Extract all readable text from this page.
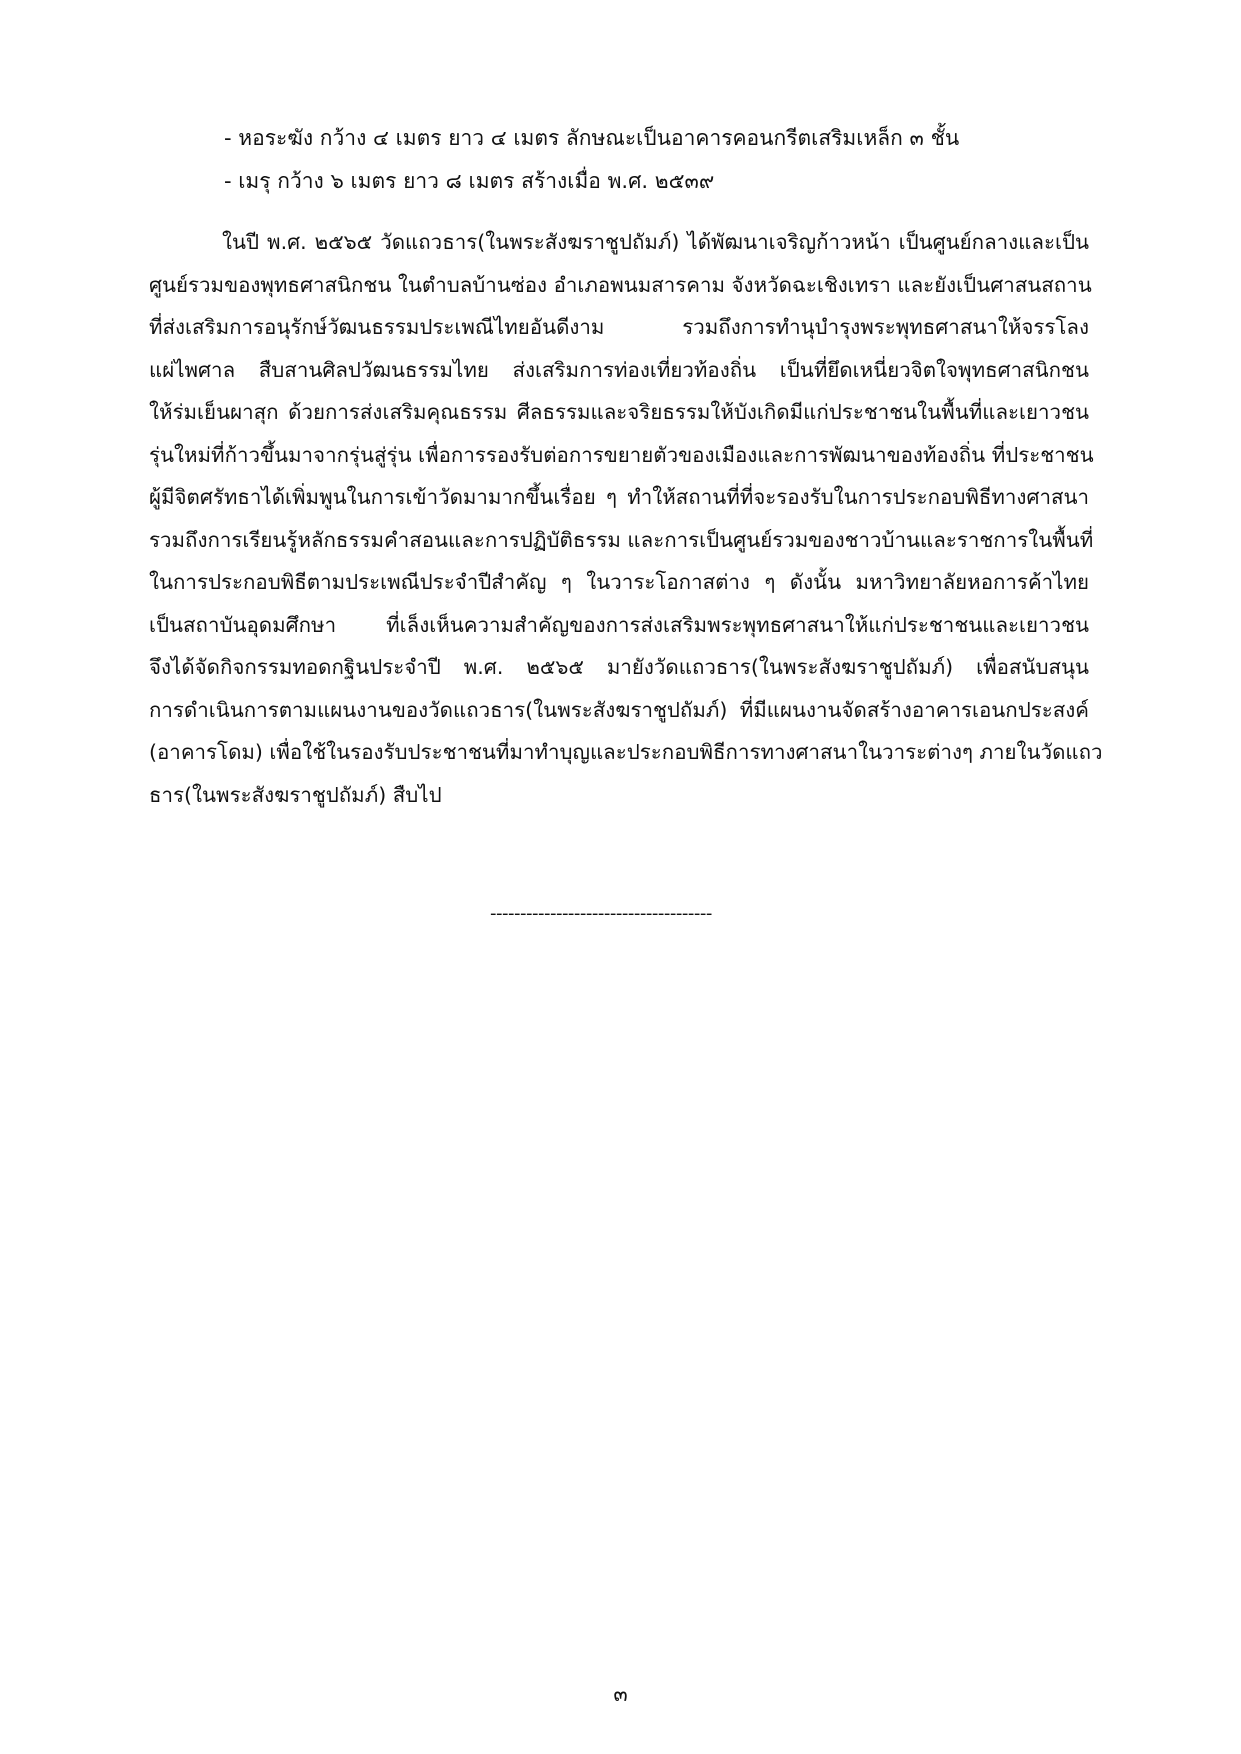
- หอระฆัง กว้าง ๔ เมตร ยาว ๔ เมตร ลักษณะเป็นอาคารคอนกรีตเสริมเหล็ก ๓ ชั้น
- เมรุ กว้าง ๖ เมตร ยาว ๘ เมตร สร้างเมื่อ พ.ศ. ๒๕๓๙
ในปี พ.ศ. ๒๕๖๕ วัดแถวธาร(ในพระสังฆราชูปถัมภ์) ได้พัฒนาเจริญก้าวหน้า เป็นศูนย์กลางและเป็น
ศูนย์รวมของพุทธศาสนิกชน ในตำบลบ้านซ่อง อำเภอพนมสารคาม จังหวัดฉะเชิงเทรา และยังเป็นศาสนสถาน
ที่ส่งเสริมการอนุรักษ์วัฒนธรรมประเพณีไทยอันดีงาม รวมถึงการทำนุบำรุงพระพุทธศาสนาให้จรรโลง
แผ่ไพศาล สืบสานศิลปวัฒนธรรมไทย ส่งเสริมการท่องเที่ยวท้องถิ่น เป็นที่ยึดเหนี่ยวจิตใจพุทธศาสนิกชน
ให้ร่มเย็นผาสุก ด้วยการส่งเสริมคุณธรรม ศีลธรรมและจริยธรรมให้บังเกิดมีแก่ประชาชนในพื้นที่และเยาวชน
รุ่นใหม่ที่ก้าวขึ้นมาจากรุ่นสู่รุ่น เพื่อการรองรับต่อการขยายตัวของเมืองและการพัฒนาของท้องถิ่น ที่ประชาชน
ผู้มีจิตศรัทธาได้เพิ่มพูนในการเข้าวัดมามากขึ้นเรื่อย ๆ ทำให้สถานที่ที่จะรองรับในการประกอบพิธีทางศาสนา
รวมถึงการเรียนรู้หลักธรรมคำสอนและการปฏิบัติธรรม และการเป็นศูนย์รวมของชาวบ้านและราชการในพื้นที่
ในการประกอบพิธีตามประเพณีประจำปีสำคัญ ๆ ในวาระโอกาสต่าง ๆ ดังนั้น มหาวิทยาลัยหอการค้าไทย
เป็นสถาบันอุดมศึกษา ที่เล็งเห็นความสำคัญของการส่งเสริมพระพุทธศาสนาให้แก่ประชาชนและเยาวชน
จึงได้จัดกิจกรรมทอดกฐินประจำปี พ.ศ. ๒๕๖๕ มายังวัดแถวธาร(ในพระสังฆราชูปถัมภ์) เพื่อสนับสนุน
การดำเนินการตามแผนงานของวัดแถวธาร(ในพระสังฆราชูปถัมภ์) ที่มีแผนงานจัดสร้างอาคารเอนกประสงค์
(อาคารโดม) เพื่อใช้ในรองรับประชาชนที่มาทำบุญและประกอบพิธีการทางศาสนาในวาระต่างๆ ภายในวัดแถว
ธาร(ในพระสังฆราชูปถัมภ์) สืบไป
-------------------------------------
๓
